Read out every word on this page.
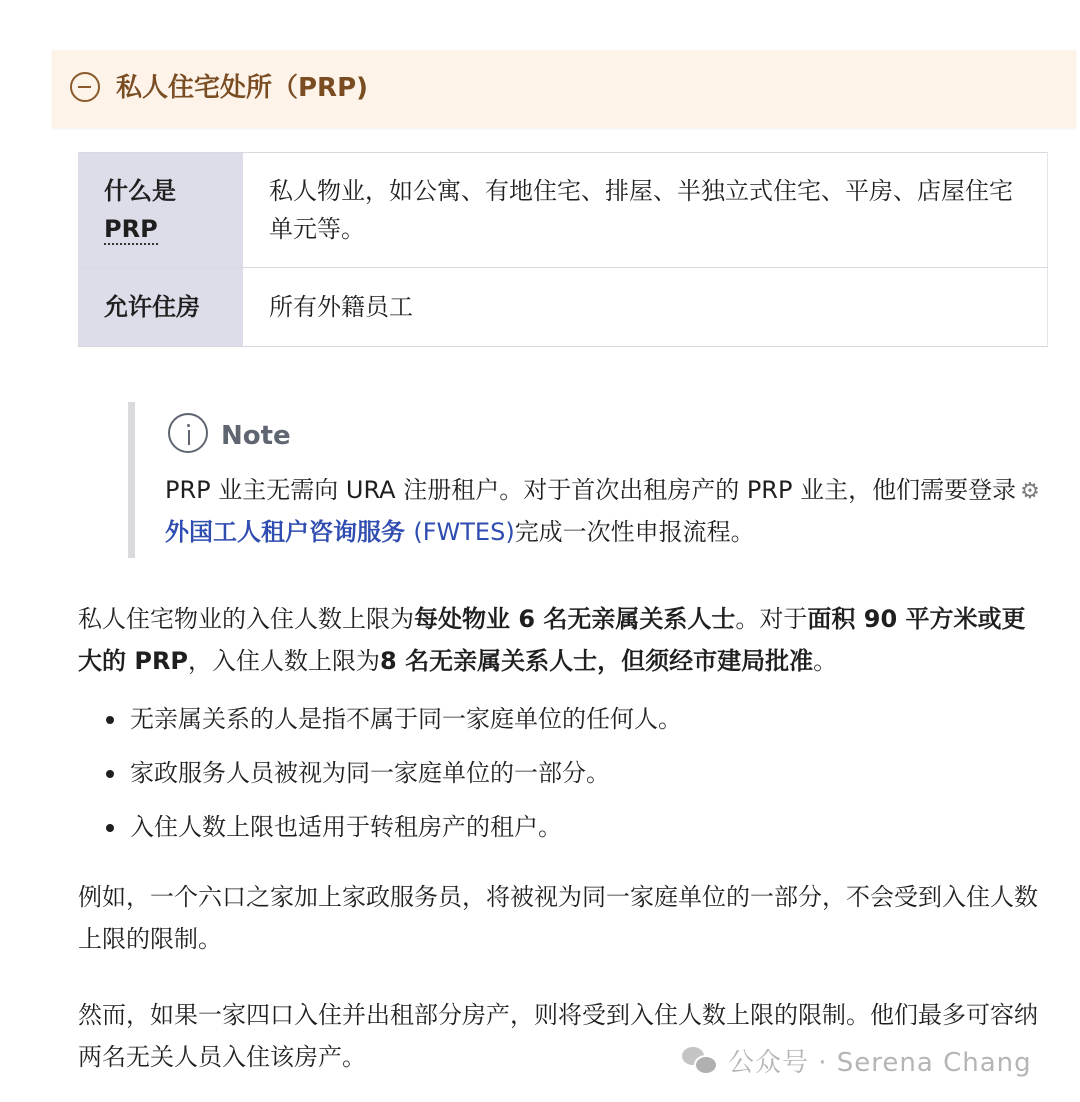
私人住宅处所（PRP)
什么是
PRP	私人物业，如公寓、有地住宅、排屋、半独立式住宅、平房、店屋住宅单元等。
允许住房	所有外籍员工
Note
PRP 业主无需向 URA 注册租户。对于首次出租房产的 PRP 业主，他们需要登录 ⚙外国工人租户咨询服务 (FWTES)完成一次性申报流程。
私人住宅物业的入住人数上限为每处物业 6 名无亲属关系人士。对于面积 90 平方米或更大的 PRP，入住人数上限为8 名无亲属关系人士，但须经市建局批准。
无亲属关系的人是指不属于同一家庭单位的任何人。
家政服务人员被视为同一家庭单位的一部分。
入住人数上限也适用于转租房产的租户。
例如，一个六口之家加上家政服务员，将被视为同一家庭单位的一部分，不会受到入住人数上限的限制。
然而，如果一家四口入住并出租部分房产，则将受到入住人数上限的限制。他们最多可容纳两名无关人员入住该房产。	公众号 · Serena Chang
